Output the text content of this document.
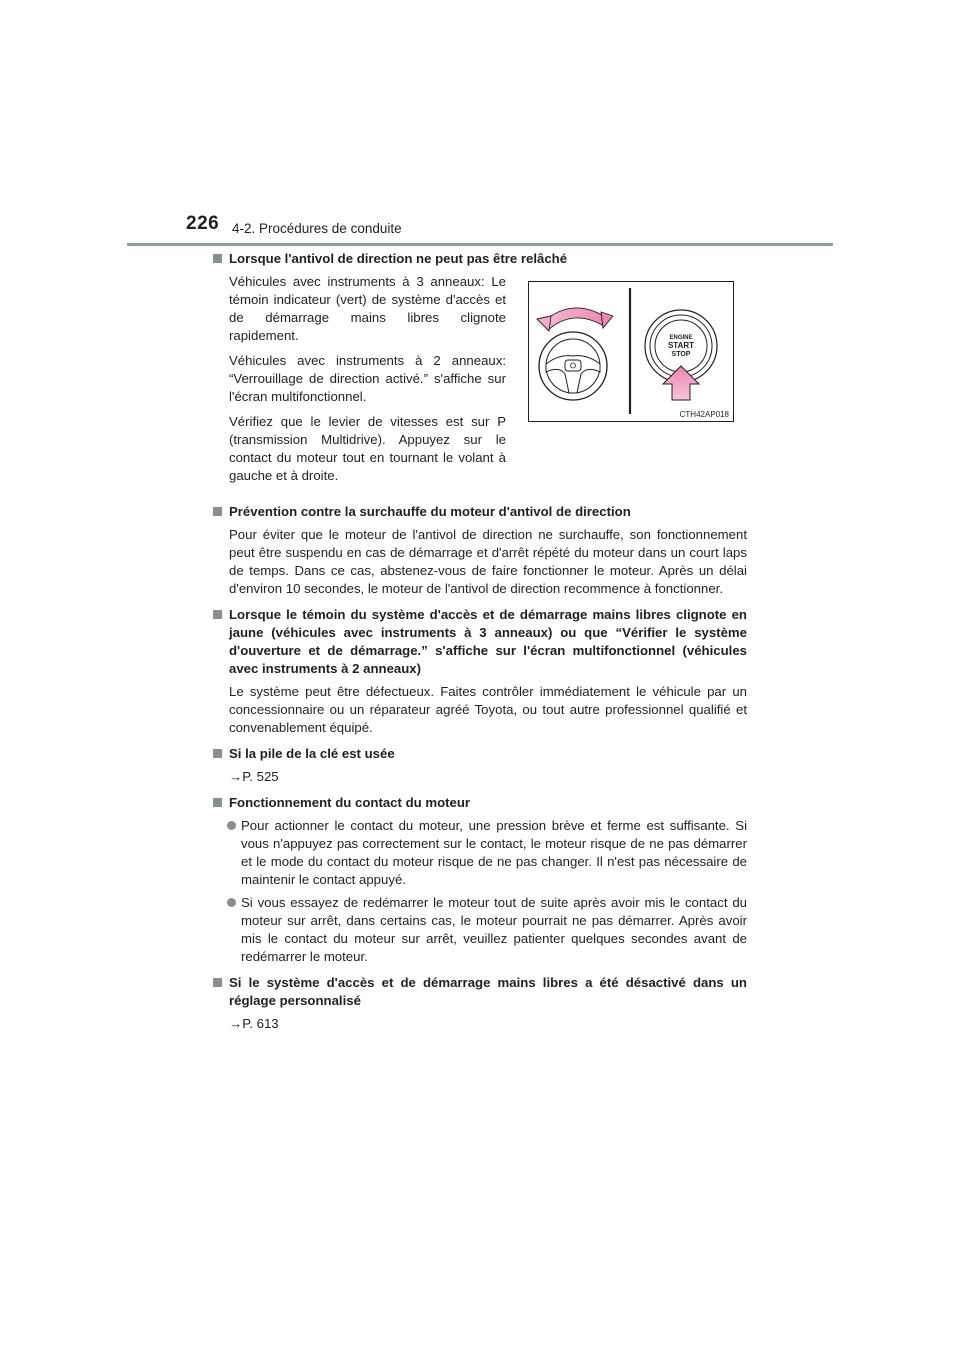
226 4-2. Procédures de conduite
Lorsque l'antivol de direction ne peut pas être relâché

Véhicules avec instruments à 3 anneaux: Le témoin indicateur (vert) de système d'accès et de démarrage mains libres clignote rapidement.

Véhicules avec instruments à 2 anneaux: “Verrouillage de direction activé.” s'affiche sur l'écran multifonctionnel.

Vérifiez que le levier de vitesses est sur P (transmission Multidrive). Appuyez sur le contact du moteur tout en tournant le volant à gauche et à droite.

ENGINE
START
STOP
CTH42AP018
Prévention contre la surchauffe du moteur d'antivol de direction
Pour éviter que le moteur de l'antivol de direction ne surchauffe, son fonctionnement peut être suspendu en cas de démarrage et d'arrêt répété du moteur dans un court laps de temps. Dans ce cas, abstenez-vous de faire fonctionner le moteur. Après un délai d'environ 10 secondes, le moteur de l'antivol de direction recommence à fonctionner.
Lorsque le témoin du système d'accès et de démarrage mains libres clignote en jaune (véhicules avec instruments à 3 anneaux) ou que “Vérifier le système d'ouverture et de démarrage.” s'affiche sur l'écran multifonctionnel (véhicules avec instruments à 2 anneaux)
Le système peut être défectueux. Faites contrôler immédiatement le véhicule par un concessionnaire ou un réparateur agréé Toyota, ou tout autre professionnel qualifié et convenablement équipé.
Si la pile de la clé est usée
→P. 525
Fonctionnement du contact du moteur
Pour actionner le contact du moteur, une pression brève et ferme est suffisante. Si vous n'appuyez pas correctement sur le contact, le moteur risque de ne pas démarrer et le mode du contact du moteur risque de ne pas changer. Il n'est pas nécessaire de maintenir le contact appuyé.
Si vous essayez de redémarrer le moteur tout de suite après avoir mis le contact du moteur sur arrêt, dans certains cas, le moteur pourrait ne pas démarrer. Après avoir mis le contact du moteur sur arrêt, veuillez patienter quelques secondes avant de redémarrer le moteur.
Si le système d'accès et de démarrage mains libres a été désactivé dans un réglage personnalisé
→P. 613
